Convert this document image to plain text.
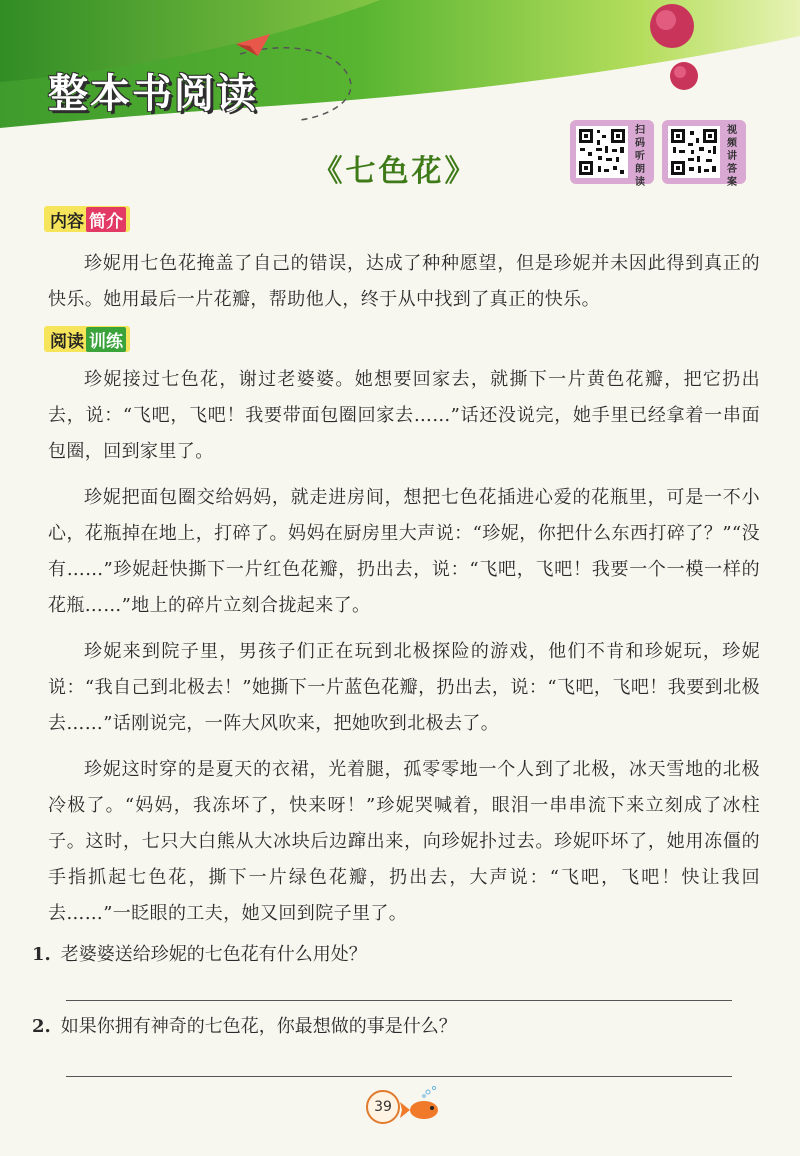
整本书阅读
《七色花》
扫码听朗读
视频讲答案
内容 简介

珍妮用七色花掩盖了自己的错误，达成了种种愿望，但是珍妮并未因此得到真正的快乐。她用最后一片花瓣，帮助他人，终于从中找到了真正的快乐。

阅读 训练

珍妮接过七色花，谢过老婆婆。她想要回家去，就撕下一片黄色花瓣，把它扔出去，说：“飞吧，飞吧！我要带面包圈回家去……”话还没说完，她手里已经拿着一串面包圈，回到家里了。

珍妮把面包圈交给妈妈，就走进房间，想把七色花插进心爱的花瓶里，可是一不小心，花瓶掉在地上，打碎了。妈妈在厨房里大声说：“珍妮，你把什么东西打碎了？”“没有……”珍妮赶快撕下一片红色花瓣，扔出去，说：“飞吧，飞吧！我要一个一模一样的花瓶……”地上的碎片立刻合拢起来了。

珍妮来到院子里，男孩子们正在玩到北极探险的游戏，他们不肯和珍妮玩，珍妮说：“我自己到北极去！”她撕下一片蓝色花瓣，扔出去，说：“飞吧，飞吧！我要到北极去……”话刚说完，一阵大风吹来，把她吹到北极去了。

珍妮这时穿的是夏天的衣裙，光着腿，孤零零地一个人到了北极，冰天雪地的北极冷极了。“妈妈，我冻坏了，快来呀！”珍妮哭喊着，眼泪一串串流下来立刻成了冰柱子。这时，七只大白熊从大冰块后边蹿出来，向珍妮扑过去。珍妮吓坏了，她用冻僵的手指抓起七色花，撕下一片绿色花瓣，扔出去，大声说：“飞吧，飞吧！快让我回去……”一眨眼的工夫，她又回到院子里了。

1. 老婆婆送给珍妮的七色花有什么用处？

2. 如果你拥有神奇的七色花，你最想做的事是什么？

39
